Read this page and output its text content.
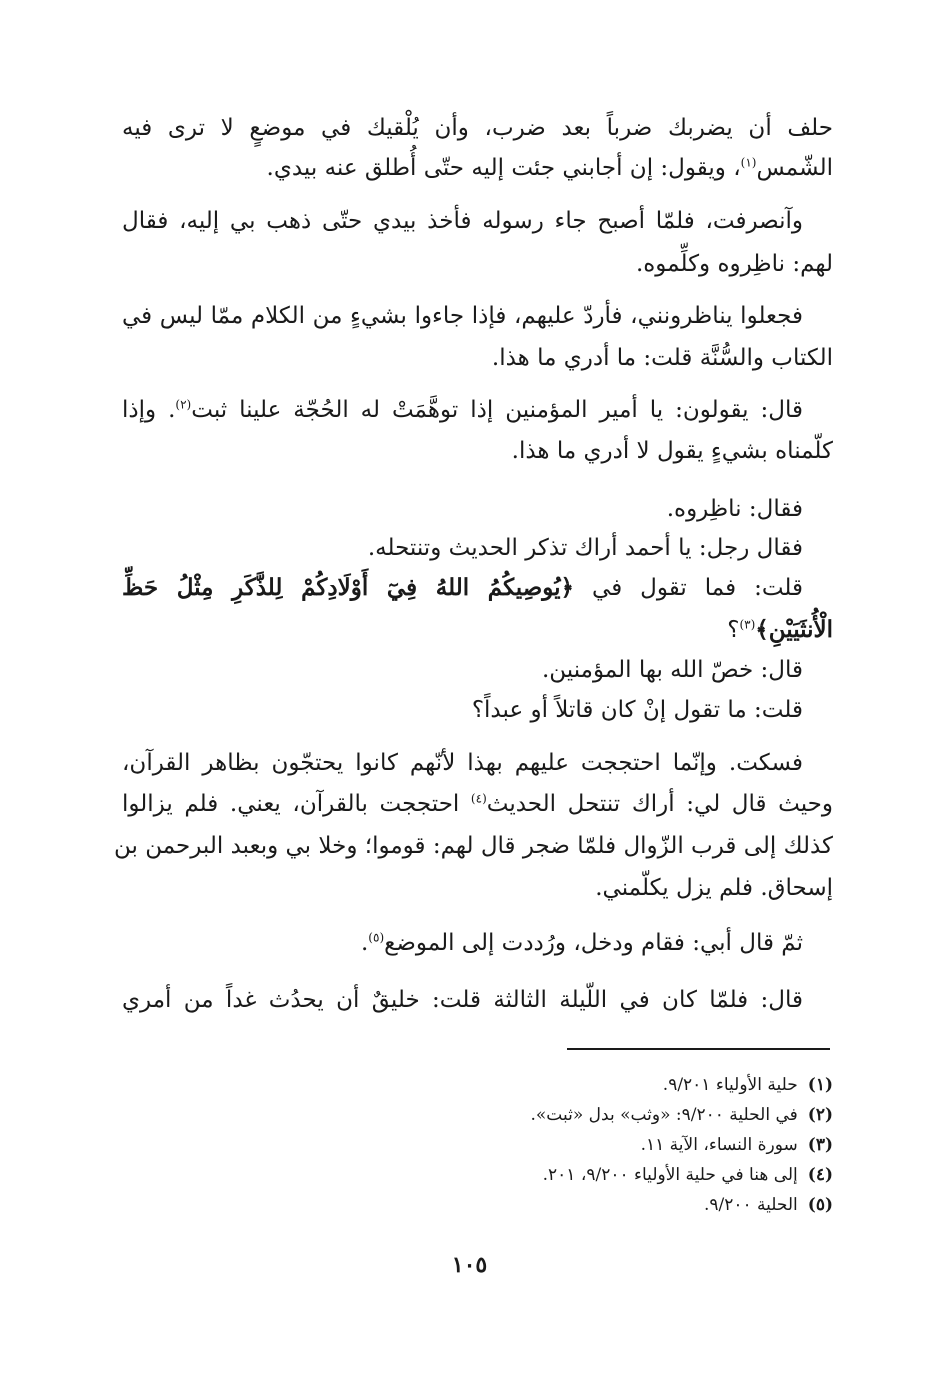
حلف أن يضربك ضرباً بعد ضرب، وأن يُلْقيك في موضعٍ لا ترى فيه
الشّمس$^{(١)}$، ويقول: إن أجابني جئت إليه حتّى أُطلق عنه بيدي.
وآنصرفت، فلمّا أصبح جاء رسوله فأخذ بيدي حتّى ذهب بي إليه، فقال
لهم: ناظِروه وكلِّموه.
فجعلوا يناظرونني، فأردّ عليهم، فإذا جاءوا بشيءٍ من الكلام ممّا ليس في
الكتاب والسُّنَّة قلت: ما أدري ما هذا.
قال: يقولون: يا أمير المؤمنين إذا توهَّمَتْ له الحُجّة علينا ثبت$^{(٢)}$. وإذا
كلّمناه بشيءٍ يقول لا أدري ما هذا.
فقال: ناظِروه.
فقال رجل: يا أحمد أراك تذكر الحديث وتنتحله.
قلت: فما تقول في ﴿يُوصِيكُمُ اللهُ فِيٓ أَوْلَادِكُمْ لِلذَّكَرِ مِثْلُ حَظِّ
الْأُنثَيَيْنِ﴾$^{(٣)}$؟
قال: خصّ الله بها المؤمنين.
قلت: ما تقول إنْ كان قاتلاً أو عبداً؟
فسكت. وإنّما احتججت عليهم بهذا لأنّهم كانوا يحتجّون بظاهر القرآن،
وحيث قال لي: أراك تنتحل الحديث$^{(٤)}$ احتججت بالقرآن، يعني. فلم يزالوا
كذلك إلى قرب الزّوال فلمّا ضجر قال لهم: قوموا؛ وخلا بي وبعبد البرحمن بن
إسحاق. فلم يزل يكلّمني.
ثمّ قال أبي: فقام ودخل، ورُددت إلى الموضع$^{(٥)}$.
قال: فلمّا كان في اللّيلة الثالثة قلت: خليقٌ أن يحدُث غداً من أمري
(١)حلية الأولياء ٩/٢٠١.
(٢)في الحلية ٩/٢٠٠: «وثب» بدل «ثبت».
(٣)سورة النساء، الآية ١١.
(٤)إلى هنا في حلية الأولياء ٩/٢٠٠، ٢٠١.
(٥)الحلية ٩/٢٠٠.
١٠٥
